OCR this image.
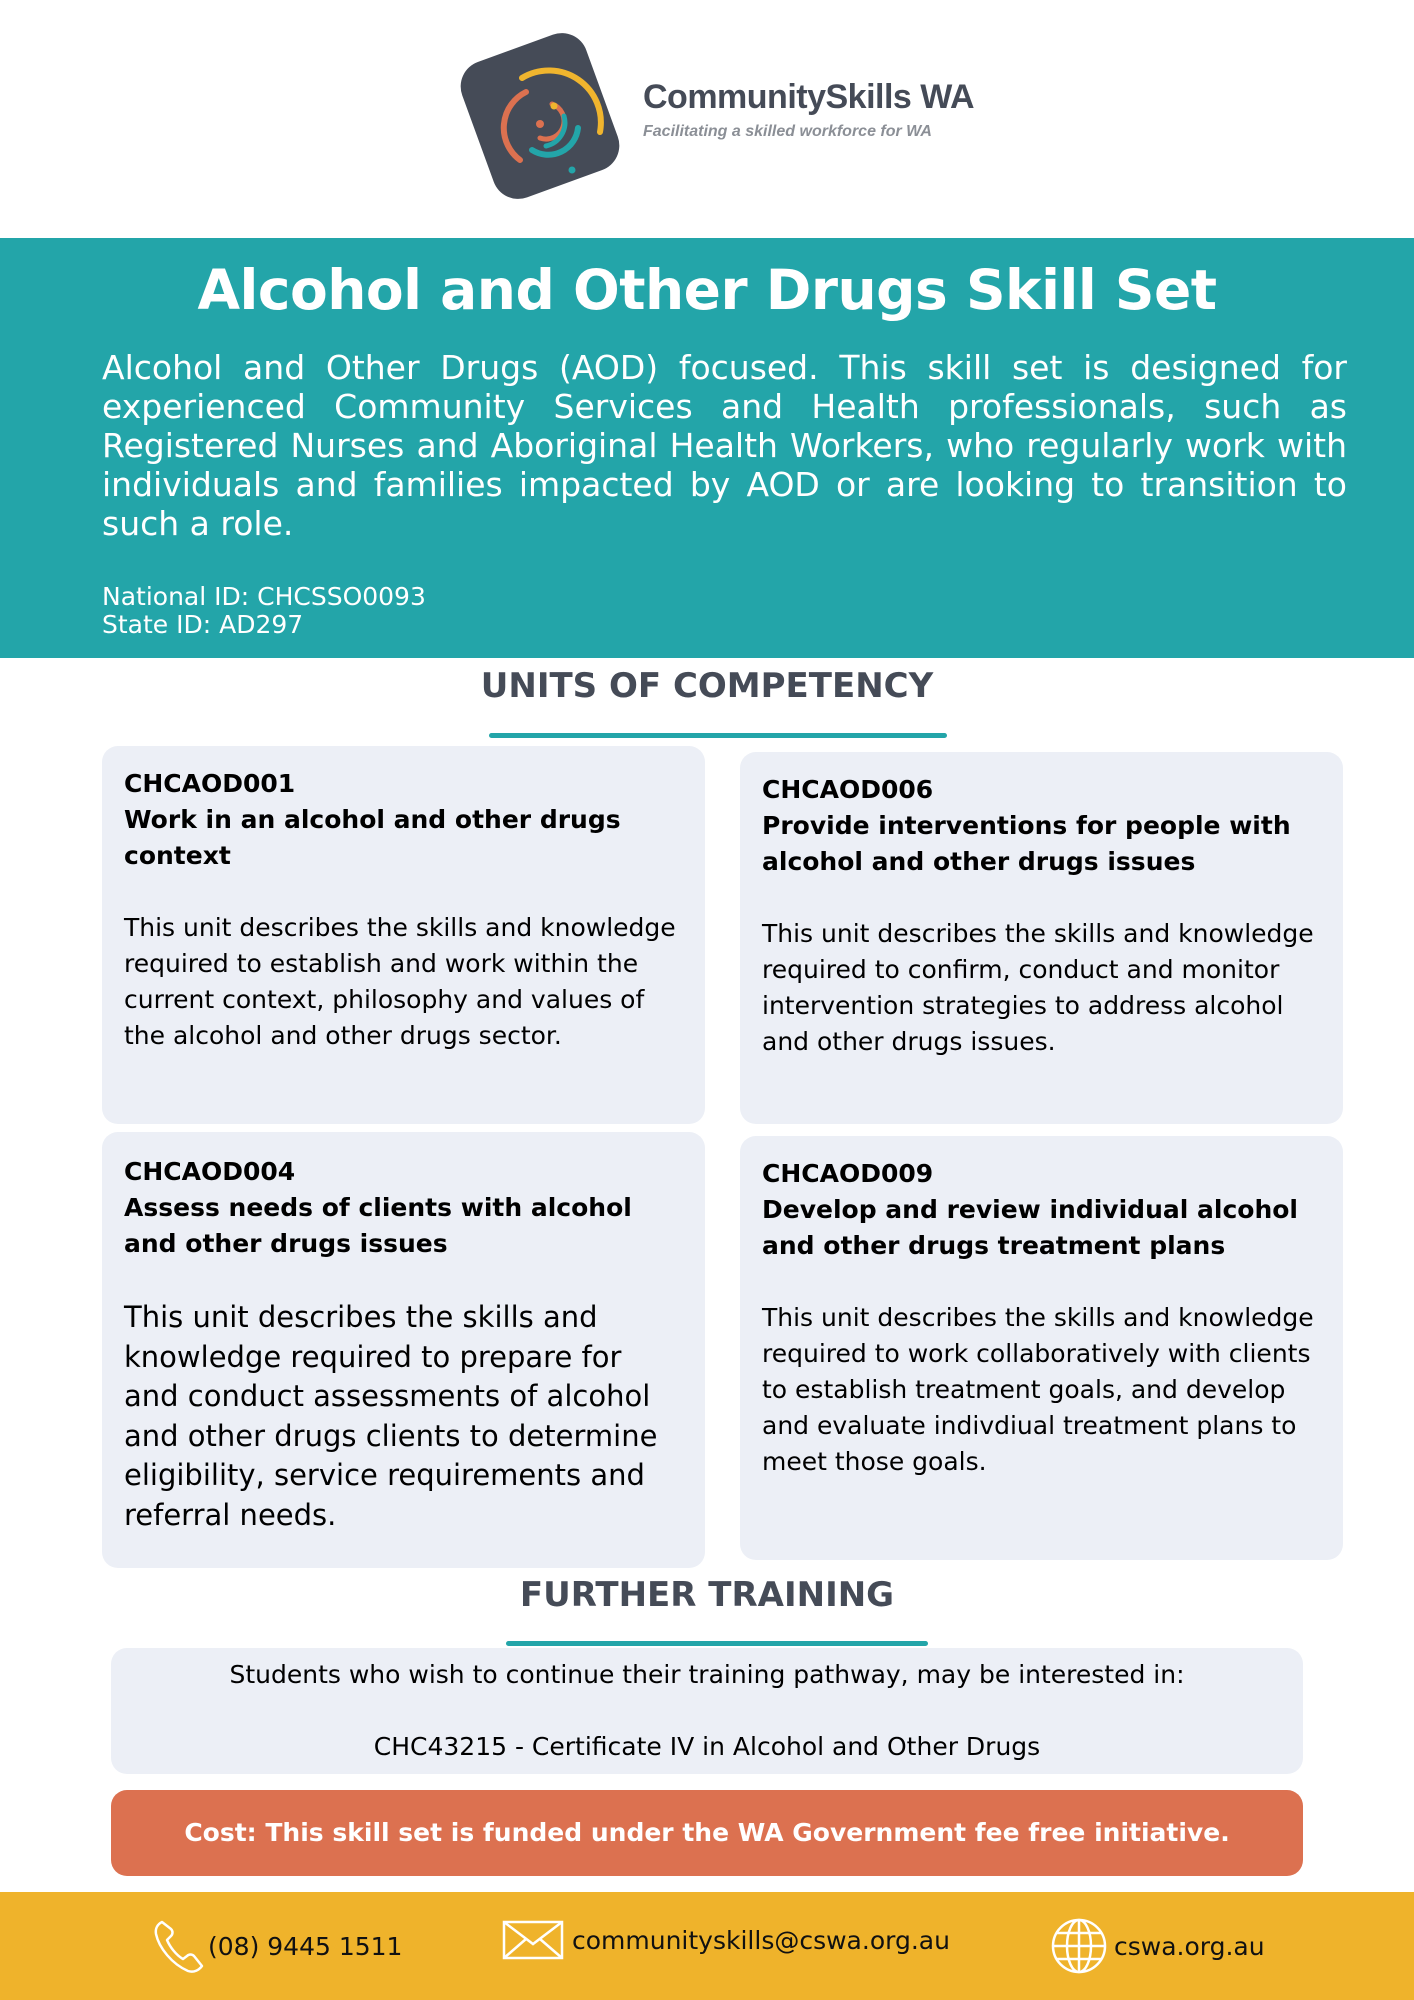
CommunitySkills WA
Facilitating a skilled workforce for WA
Alcohol and Other Drugs Skill Set

Alcohol and Other Drugs (AOD) focused. This skill set is designed for experienced Community Services and Health professionals, such as Registered Nurses and Aboriginal Health Workers, who regularly work with individuals and families impacted by AOD or are looking to transition to such a role.

National ID: CHCSSO0093
State ID: AD297
UNITS OF COMPETENCY
CHCAOD001
Work in an alcohol and other drugs context
This unit describes the skills and knowledge required to establish and work within the current context, philosophy and values of the alcohol and other drugs sector.
CHCAOD006
Provide interventions for people with alcohol and other drugs issues
This unit describes the skills and knowledge required to confirm, conduct and monitor intervention strategies to address alcohol and other drugs issues.
CHCAOD004
Assess needs of clients with alcohol and other drugs issues
This unit describes the skills and knowledge required to prepare for and conduct assessments of alcohol and other drugs clients to determine eligibility, service requirements and referral needs.
CHCAOD009
Develop and review individual alcohol and other drugs treatment plans
This unit describes the skills and knowledge required to work collaboratively with clients to establish treatment goals, and develop and evaluate indivdiual treatment plans to meet those goals.
FURTHER TRAINING
Students who wish to continue their training pathway, may be interested in:
CHC43215 - Certificate IV in Alcohol and Other Drugs
Cost: This skill set is funded under the WA Government fee free initiative.
(08) 9445 1511	communityskills@cswa.org.au	cswa.org.au
